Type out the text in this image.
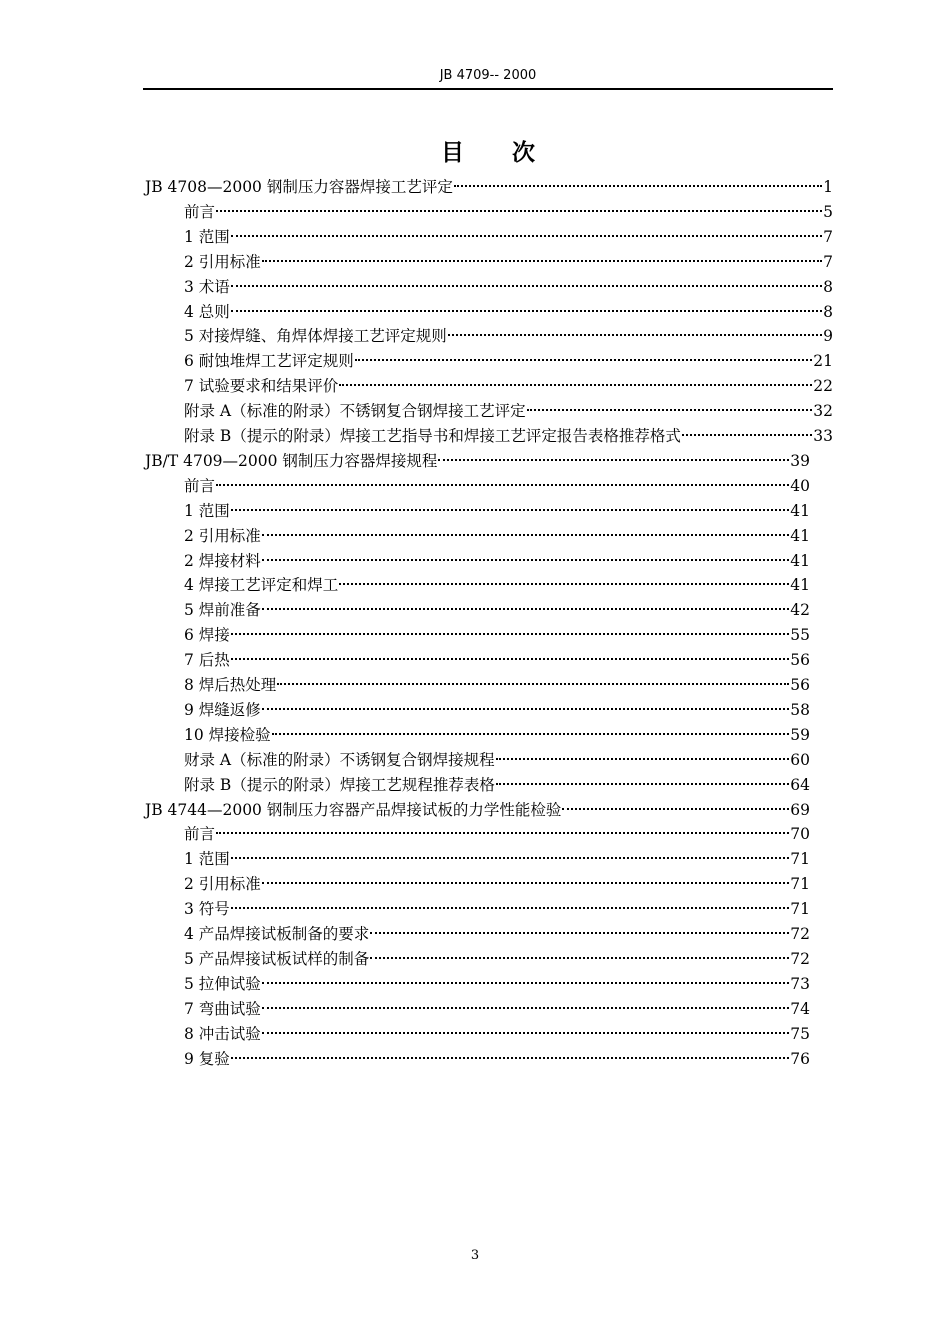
JB 4709-- 2000
目次
JB 4708—2000 钢制压力容器焊接工艺评定	1
前言	5
1 范围	7
2 引用标准	7
3 术语	8
4 总则	8
5 对接焊缝、角焊体焊接工艺评定规则	9
6 耐蚀堆焊工艺评定规则	21
7 试验要求和结果评价	22
附录 A（标准的附录）不锈钢复合钢焊接工艺评定	32
附录 B（提示的附录）焊接工艺指导书和焊接工艺评定报告表格推荐格式	33
JB/T 4709—2000 钢制压力容器焊接规程	39
前言	40
1 范围	41
2 引用标准	41
2 焊接材料	41
4 焊接工艺评定和焊工	41
5 焊前准备	42
6 焊接	55
7 后热	56
8 焊后热处理	56
9 焊缝返修	58
10 焊接检验	59
财录 A（标准的附录）不诱钢复合钢焊接规程	60
附录 B（提示的附录）焊接工艺规程推荐表格	64
JB 4744—2000 钢制压力容器产品焊接试板的力学性能检验	69
前言	70
1 范围	71
2 引用标准	71
3 符号	71
4 产品焊接试板制备的要求	72
5 产品焊接试板试样的制备	72
5 拉伸试验	73
7 弯曲试验	74
8 冲击试验	75
9 复验	76
3
